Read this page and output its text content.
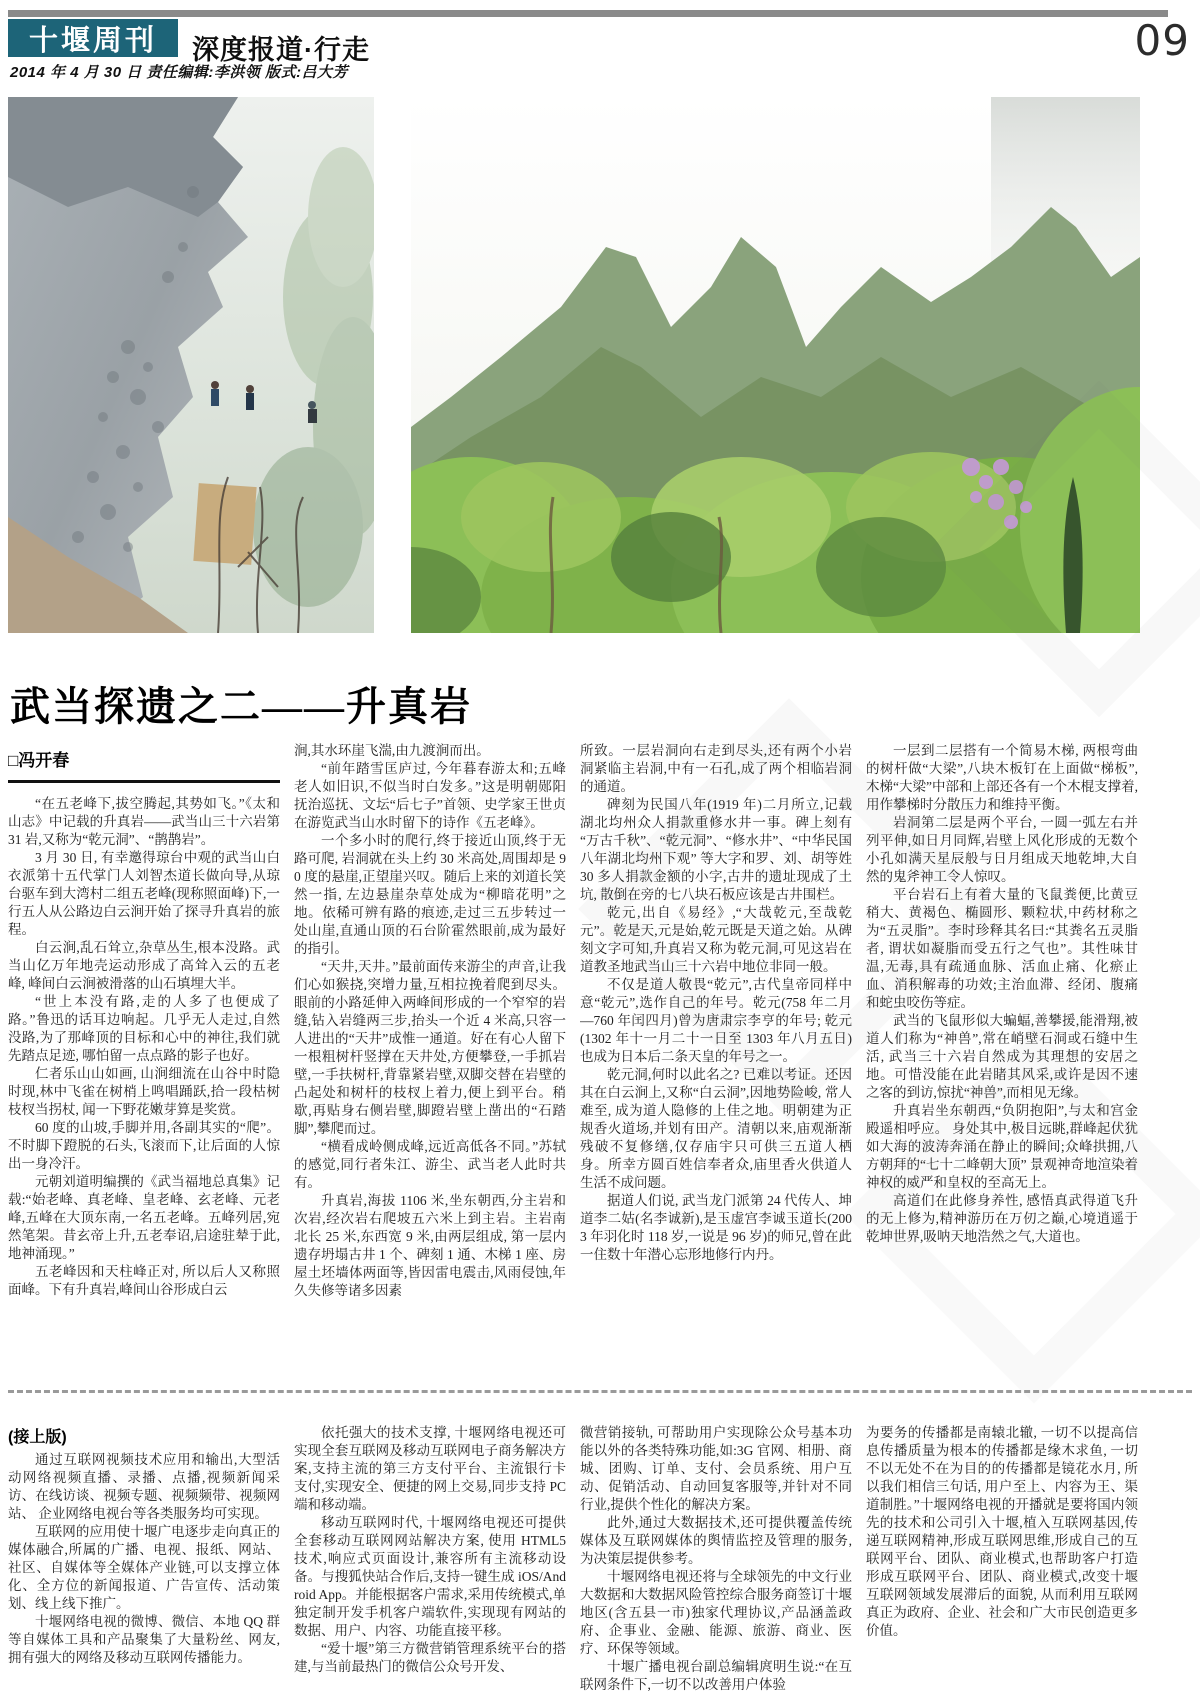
十堰周刊 深度报道·行走	09
2014 年 4 月 30 日 责任编辑:李洪领 版式:吕大芳
武当探遗之二——升真岩
□冯开春

“在五老峰下,拔空腾起,其势如飞。”《太和山志》中记载的升真岩——武当山三十六岩第 31 岩,又称为“乾元洞”、“鹊鹊岩”。

3 月 30 日, 有幸邀得琼台中观的武当山白衣派第十五代掌门人刘智杰道长做向导,从琼台驱车到大湾村二组五老峰(现称照面峰)下,一行五人从公路边白云涧开始了探寻升真岩的旅程。

白云涧,乱石耸立,杂草丛生,根本没路。武当山亿万年地壳运动形成了高耸入云的五老峰, 峰间白云涧被滑落的山石填埋大半。

“世上本没有路,走的人多了也便成了路。”鲁迅的话耳边响起。几乎无人走过,自然没路,为了那峰顶的目标和心中的神往,我们就先踏点足迹, 哪怕留一点点路的影子也好。

仁者乐山山如画, 山涧细流在山谷中时隐时现,林中飞雀在树梢上鸣唱踊跃,拾一段枯树枝杈当拐杖, 闻一下野花嫩芽算是奖赏。

60 度的山坡,手脚并用,各副其实的“爬”。不时脚下蹬脱的石头,飞滚而下,让后面的人惊出一身冷汗。

元朝刘道明编撰的《武当福地总真集》记载:“始老峰、真老峰、皇老峰、玄老峰、元老峰,五峰在大顶东南,一名五老峰。五峰列居,宛然笔架。昔玄帝上升,五老奉诏,启途驻辇于此,地神涌现。”

五老峰因和天柱峰正对, 所以后人又称照面峰。下有升真岩,峰间山谷形成白云

涧,其水环崖飞湍,由九渡涧而出。

“前年踏雪匡庐过, 今年暮春游太和;五峰老人如旧识,不似当时白发多。”这是明朝郧阳抚治巡抚、文坛“后七子”首领、史学家王世贞在游览武当山水时留下的诗作《五老峰》。

一个多小时的爬行,终于接近山顶,终于无路可爬, 岩洞就在头上约 30 米高处,周围却是 90 度的悬崖,正望崖兴叹。随后上来的刘道长笑然一指, 左边悬崖杂草处成为“柳暗花明”之地。依稀可辨有路的痕迹,走过三五步转过一处山崖,直通山顶的石台阶霍然眼前,成为最好的指引。

“天井,天井。”最前面传来游尘的声音,让我们心如猴挠,突增力量,互相拉挽着爬到尽头。眼前的小路延伸入两峰间形成的一个窄窄的岩缝,钻入岩缝两三步,抬头一个近 4 米高,只容一人进出的“天井”成惟一通道。好在有心人留下一根粗树杆竖撑在天井处,方便攀登,一手抓岩壁,一手扶树杆,背靠紧岩壁,双脚交替在岩壁的凸起处和树杆的枝杈上着力,便上到平台。稍歇,再贴身右侧岩壁,脚蹬岩壁上凿出的“石踏脚”,攀爬而过。

“横看成岭侧成峰,远近高低各不同。”苏轼的感觉,同行者朱江、游尘、武当老人此时共有。

升真岩,海拔 1106 米,坐东朝西,分主岩和次岩,经次岩右爬坡五六米上到主岩。主岩南北长 25 米,东西宽 9 米,由两层组成, 第一层内遗存坍塌古井 1 个、碑刻 1 通、木梯 1 座、房屋土坯墙体两面等,皆因雷电震击,风雨侵蚀,年久失修等诸多因素

所致。一层岩洞向右走到尽头,还有两个小岩洞紧临主岩洞,中有一石孔,成了两个相临岩洞的通道。

碑刻为民国八年(1919 年)二月所立,记载湖北均州众人捐款重修水井一事。碑上刻有 “万古千秋”、“乾元洞”、“修水井”、“中华民国八年湖北均州下观” 等大字和罗、刘、胡等姓 30 多人捐款金额的小字,古井的遗址现成了土坑, 散倒在旁的七八块石板应该是古井围栏。

乾元,出自《易经》,“大哉乾元,至哉乾元”。乾是天,元是始,乾元既是天道之始。从碑刻文字可知,升真岩又称为乾元洞,可见这岩在道教圣地武当山三十六岩中地位非同一般。

不仅是道人敬畏“乾元”,古代皇帝同样中意“乾元”,选作自己的年号。乾元(758 年二月—760 年闰四月)曾为唐肃宗李亨的年号; 乾元 (1302 年十一月二十一日至 1303 年八月五日) 也成为日本后二条天皇的年号之一。

乾元洞,何时以此名之? 已难以考证。还因其在白云涧上,又称“白云洞”,因地势险峻, 常人难至, 成为道人隐修的上佳之地。明朝建为正规香火道场,并划有田产。清朝以来,庙观渐渐残破不复修缮,仅存庙宇只可供三五道人栖身。所幸方圆百姓信奉者众,庙里香火供道人生活不成问题。

据道人们说, 武当龙门派第 24 代传人、坤道李二姑(名李诚新),是玉虚宫李诚玉道长(2003 年羽化时 118 岁,一说是 96 岁)的师兄,曾在此一住数十年潜心忘形地修行内丹。

一层到二层搭有一个简易木梯, 两根弯曲的树杆做“大梁”,八块木板钉在上面做“梯板”,木梯“大梁”中部和上部还各有一个木棍支撑着, 用作攀梯时分散压力和维持平衡。

岩洞第二层是两个平台, 一圆一弧左右并列平伸,如日月同辉,岩壁上风化形成的无数个小孔如满天星辰般与日月组成天地乾坤,大自然的鬼斧神工令人惊叹。

平台岩石上有着大量的飞鼠粪便,比黄豆稍大、黄褐色、椭圆形、颗粒状,中药材称之为“五灵脂”。李时珍释其名曰:“其粪名五灵脂者, 谓状如凝脂而受五行之气也”。其性味甘温,无毒,具有疏通血脉、活血止痛、化瘀止血、消积解毒的功效;主治血滞、经闭、腹痛和蛇虫咬伤等症。

武当的飞鼠形似大蝙蝠,善攀援,能滑翔,被道人们称为“神兽”,常在峭壁石洞或石缝中生活, 武当三十六岩自然成为其理想的安居之地。可惜没能在此岩睹其风采,或许是因不速之客的到访,惊扰“神兽”,而相见无缘。

升真岩坐东朝西,“负阴抱阳”,与太和宫金殿遥相呼应。 身处其中,极目远眺,群峰起伏犹如大海的波涛奔涌在静止的瞬间;众峰拱拥,八方朝拜的“七十二峰朝大顶” 景观神奇地渲染着神权的威严和皇权的至高无上。

高道们在此修身养性, 感悟真武得道飞升的无上修为,精神游历在万仞之巅,心境逍遥于乾坤世界,吸呐天地浩然之气,大道也。

(接上版)

通过互联网视频技术应用和输出,大型活动网络视频直播、录播、点播,视频新闻采访、在线访谈、视频专题、视频频带、视频网站、 企业网络电视台等各类服务均可实现。

互联网的应用使十堰广电逐步走向真正的媒体融合,所属的广播、电视、报纸、网站、社区、自媒体等全媒体产业链,可以支撑立体化、全方位的新闻报道、广告宣传、活动策划、线上线下推广。

十堰网络电视的微博、微信、本地 QQ 群等自媒体工具和产品聚集了大量粉丝、网友, 拥有强大的网络及移动互联网传播能力。

依托强大的技术支撑, 十堰网络电视还可实现全套互联网及移动互联网电子商务解决方案,支持主流的第三方支付平台、主流银行卡支付,实现安全、便捷的网上交易,同步支持 PC 端和移动端。

移动互联网时代, 十堰网络电视还可提供全套移动互联网网站解决方案, 使用 HTML5 技术,响应式页面设计,兼容所有主流移动设备。与搜狐快站合作后,支持一键生成 iOS/Android App。并能根据客户需求,采用传统模式,单独定制开发手机客户端软件,实现现有网站的数据、用户、内容、功能直接平移。

“爱十堰”第三方微营销管理系统平台的搭建,与当前最热门的微信公众号开发、

微营销接轨, 可帮助用户实现除公众号基本功能以外的各类特殊功能,如:3G 官网、相册、商城、团购、订单、支付、会员系统、用户互动、促销活动、自动回复客服等,并针对不同行业,提供个性化的解决方案。

此外,通过大数据技术,还可提供覆盖传统媒体及互联网媒体的舆情监控及管理的服务,为决策层提供参考。

十堰网络电视还将与全球领先的中文行业大数据和大数据风险管控综合服务商签订十堰地区(含五县一市)独家代理协议,产品涵盖政府、企事业、金融、能源、旅游、商业、医疗、环保等领域。

十堰广播电视台副总编辑庹明生说:“在互联网条件下,一切不以改善用户体验

为要务的传播都是南辕北辙, 一切不以提高信息传播质量为根本的传播都是缘木求鱼, 一切不以无处不在为目的的传播都是镜花水月, 所以我们相信三句话, 用户至上、内容为王、渠道制胜。”十堰网络电视的开播就是要将国内领先的技术和公司引入十堰,植入互联网基因,传递互联网精神,形成互联网思维,形成自己的互联网平台、团队、商业模式,也帮助客户打造形成互联网平台、团队、商业模式,改变十堰互联网领域发展滞后的面貌, 从而利用互联网真正为政府、企业、社会和广大市民创造更多价值。
